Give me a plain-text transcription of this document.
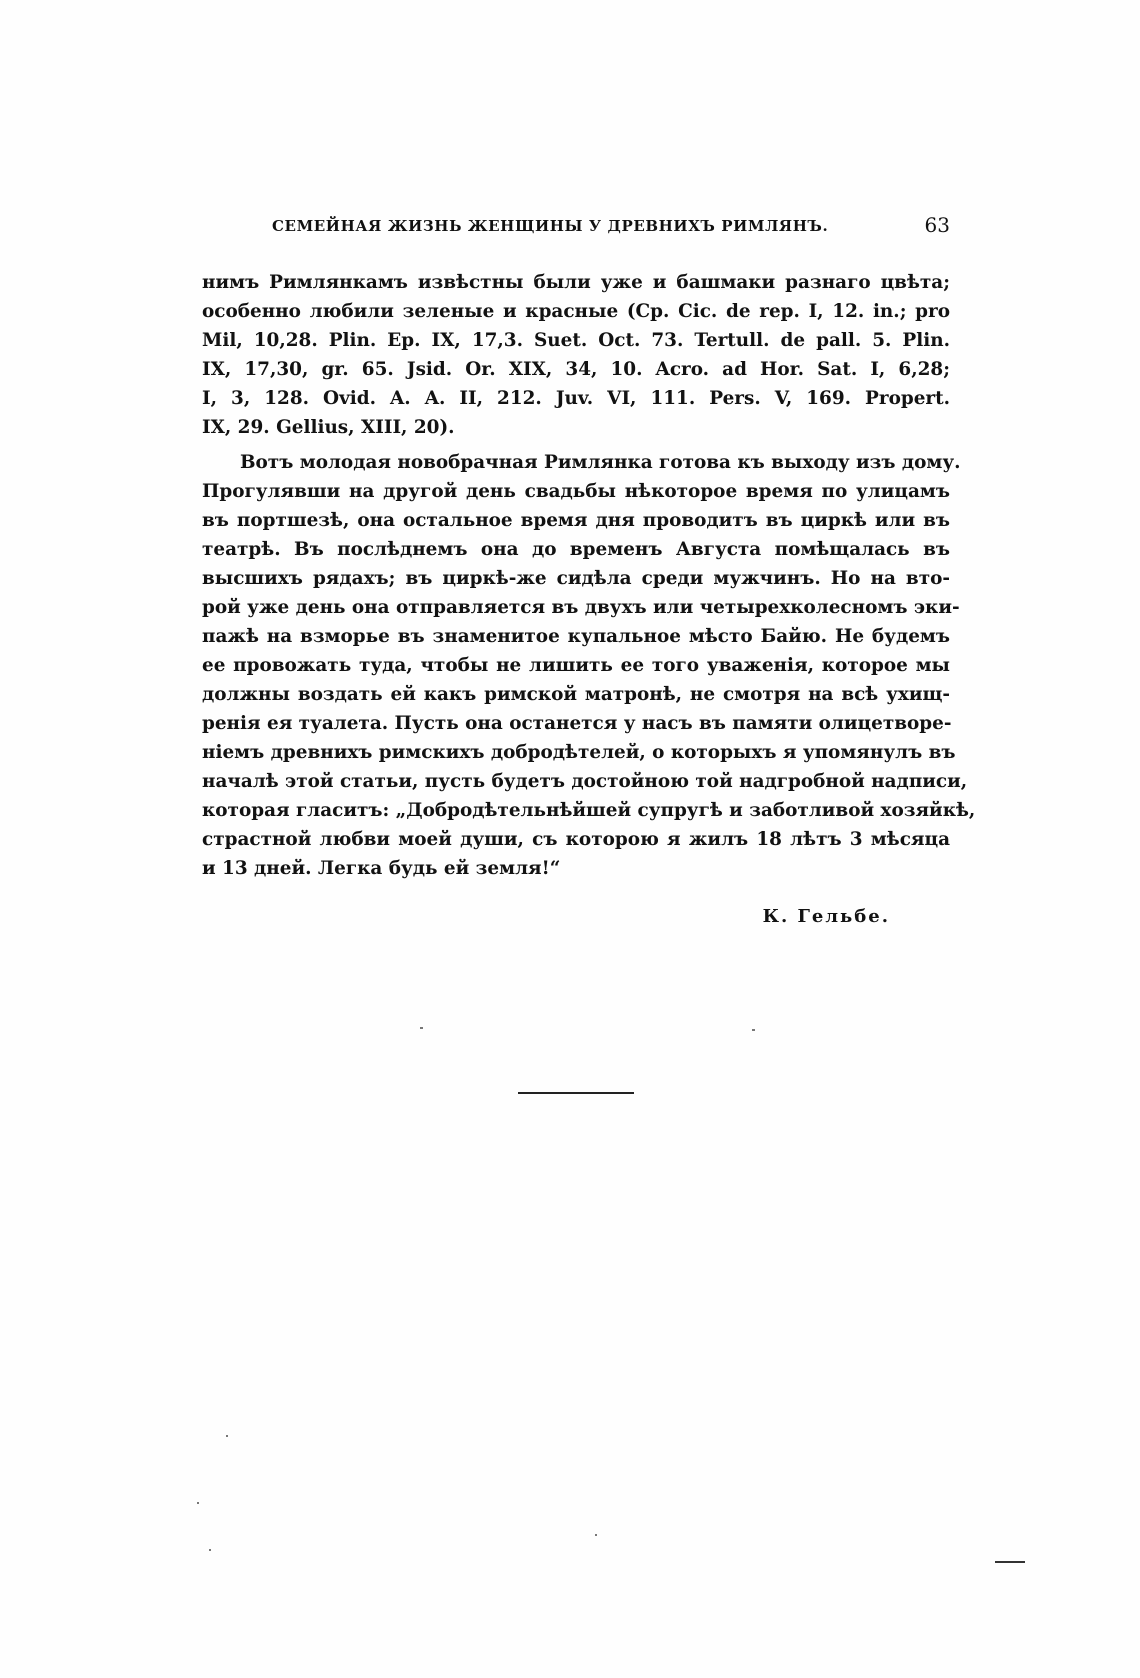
СЕМЕЙНАЯ ЖИЗНЬ ЖЕНЩИНЫ У ДРЕВНИХЪ РИМЛЯНЪ.	63
нимъ Римлянкамъ извѣстны были уже и башмаки разнаго цвѣта;
особенно любили зеленые и красные (Ср. Cic. de rep. I, 12. in.; pro
Mil, 10,28. Plin. Ep. IX, 17,3. Suet. Oct. 73. Tertull. de pall. 5. Plin.
IX, 17,30, gr. 65. Jsid. Or. XIX, 34, 10. Acro. ad Hor. Sat. I, 6,28;
I, 3, 128. Ovid. A. A. II, 212. Juv. VI, 111. Pers. V, 169. Propert.
IX, 29. Gellius, XIII, 20).
Вотъ молодая новобрачная Римлянка готова къ выходу изъ дому.
Прогулявши на другой день свадьбы нѣкоторое время по улицамъ
въ портшезѣ, она остальное время дня проводитъ въ циркѣ или въ
театрѣ. Въ послѣднемъ она до временъ Августа помѣщалась въ
высшихъ рядахъ; въ циркѣ-же сидѣла среди мужчинъ. Но на вто-
рой уже день она отправляется въ двухъ или четырехколесномъ эки-
пажѣ на взморье въ знаменитое купальное мѣсто Байю. Не будемъ
ее провожать туда, чтобы не лишить ее того уваженія, которое мы
должны воздать ей какъ римской матронѣ, не смотря на всѣ ухищ-
ренія ея туалета. Пусть она останется у насъ въ памяти олицетворе-
ніемъ древнихъ римскихъ добродѣтелей, о которыхъ я упомянулъ въ
началѣ этой статьи, пусть будетъ достойною той надгробной надписи,
которая гласитъ: „Добродѣтельнѣйшей супругѣ и заботливой хозяйкѣ,
страстной любви моей души, съ которою я жилъ 18 лѣтъ 3 мѣсяца
и 13 дней. Легка будь ей земля!“
К. Гельбе.
